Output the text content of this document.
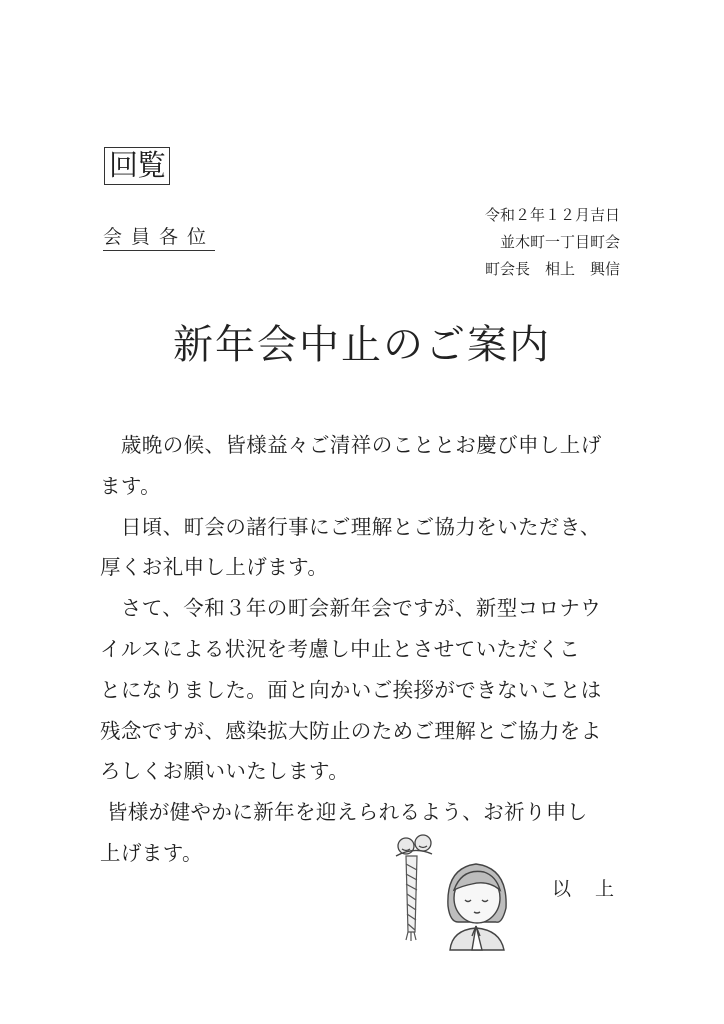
回覧
会員各位
令和２年１２月吉日
並木町一丁目町会
町会長　相上　興信
新年会中止のご案内
　歳晩の候、皆様益々ご清祥のこととお慶び申し上げ
ます。
　日頃、町会の諸行事にご理解とご協力をいただき、
厚くお礼申し上げます。
　さて、令和３年の町会新年会ですが、新型コロナウ
イルスによる状況を考慮し中止とさせていただくこ
とになりました。面と向かいご挨拶ができないことは
残念ですが、感染拡大防止のためご理解とご協力をよ
ろしくお願いいたします。
皆様が健やかに新年を迎えられるよう、お祈り申し
上げます。
以上
